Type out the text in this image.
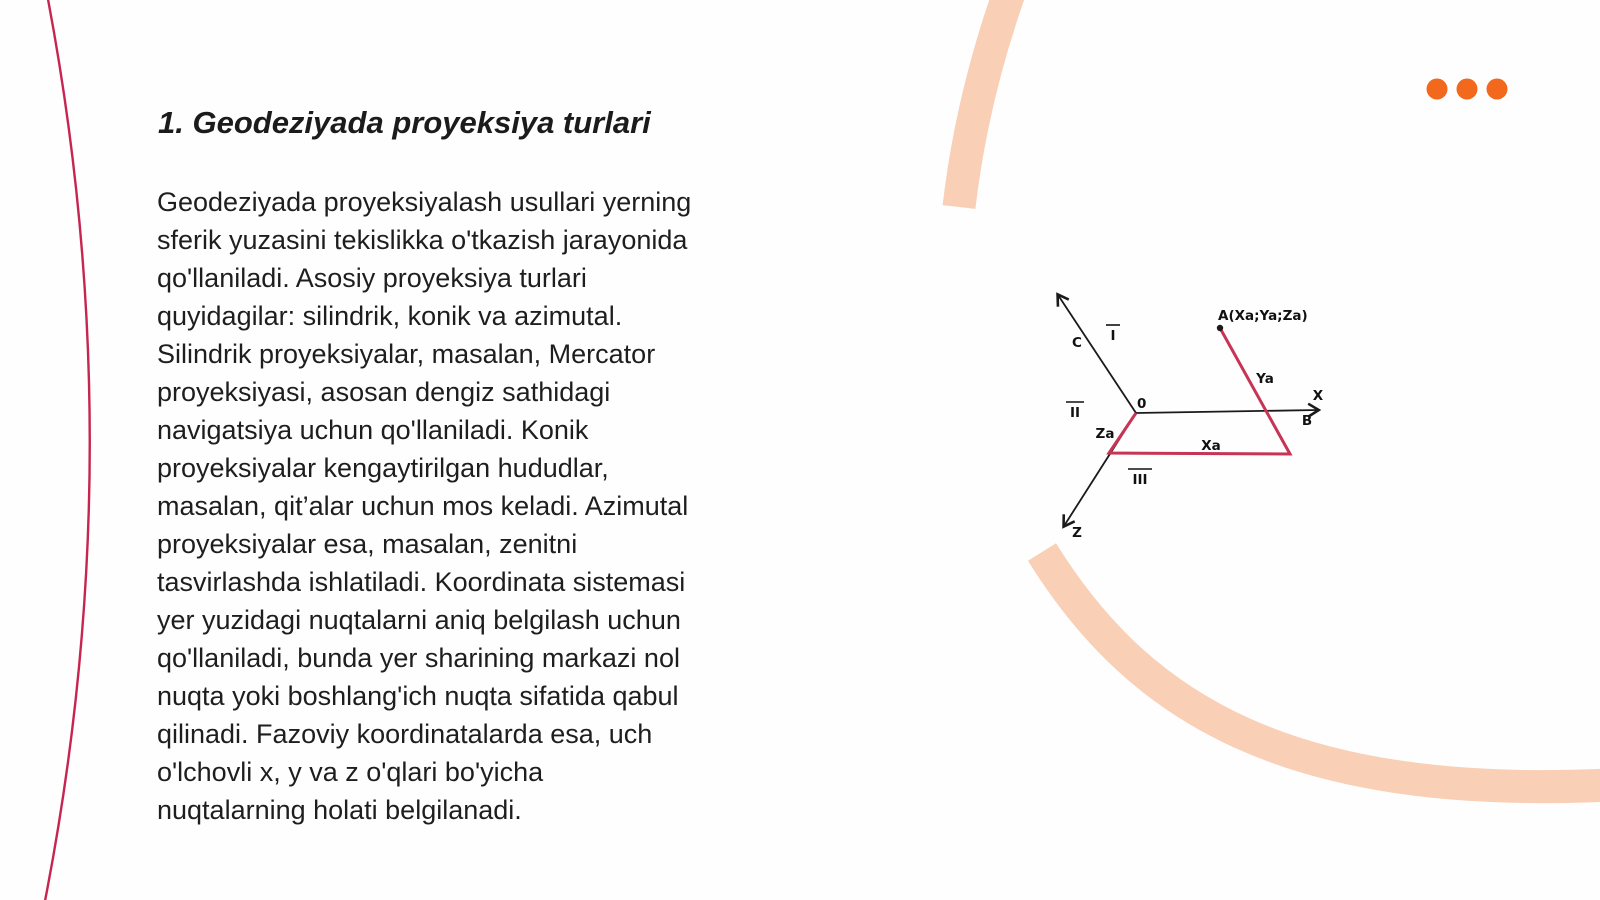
1. Geodeziyada proyeksiya turlari

Geodeziyada proyeksiyalash usullari yerning
sferik yuzasini tekislikka o'tkazish jarayonida
qo'llaniladi. Asosiy proyeksiya turlari
quyidagilar: silindrik, konik va azimutal.
Silindrik proyeksiyalar, masalan, Mercator
proyeksiyasi, asosan dengiz sathidagi
navigatsiya uchun qo'llaniladi. Konik
proyeksiyalar kengaytirilgan hududlar,
masalan, qit’alar uchun mos keladi. Azimutal
proyeksiyalar esa, masalan, zenitni
tasvirlashda ishlatiladi. Koordinata sistemasi
yer yuzidagi nuqtalarni aniq belgilash uchun
qo'llaniladi, bunda yer sharining markazi nol
nuqta yoki boshlang'ich nuqta sifatida qabul
qilinadi. Fazoviy koordinatalarda esa, uch
o'lchovli x, y va z o'qlari bo'yicha
nuqtalarning holati belgilanadi.

0	X
B
C
Z
I
II
III
Za
Xa
Ya
A(Xa;Ya;Za)
